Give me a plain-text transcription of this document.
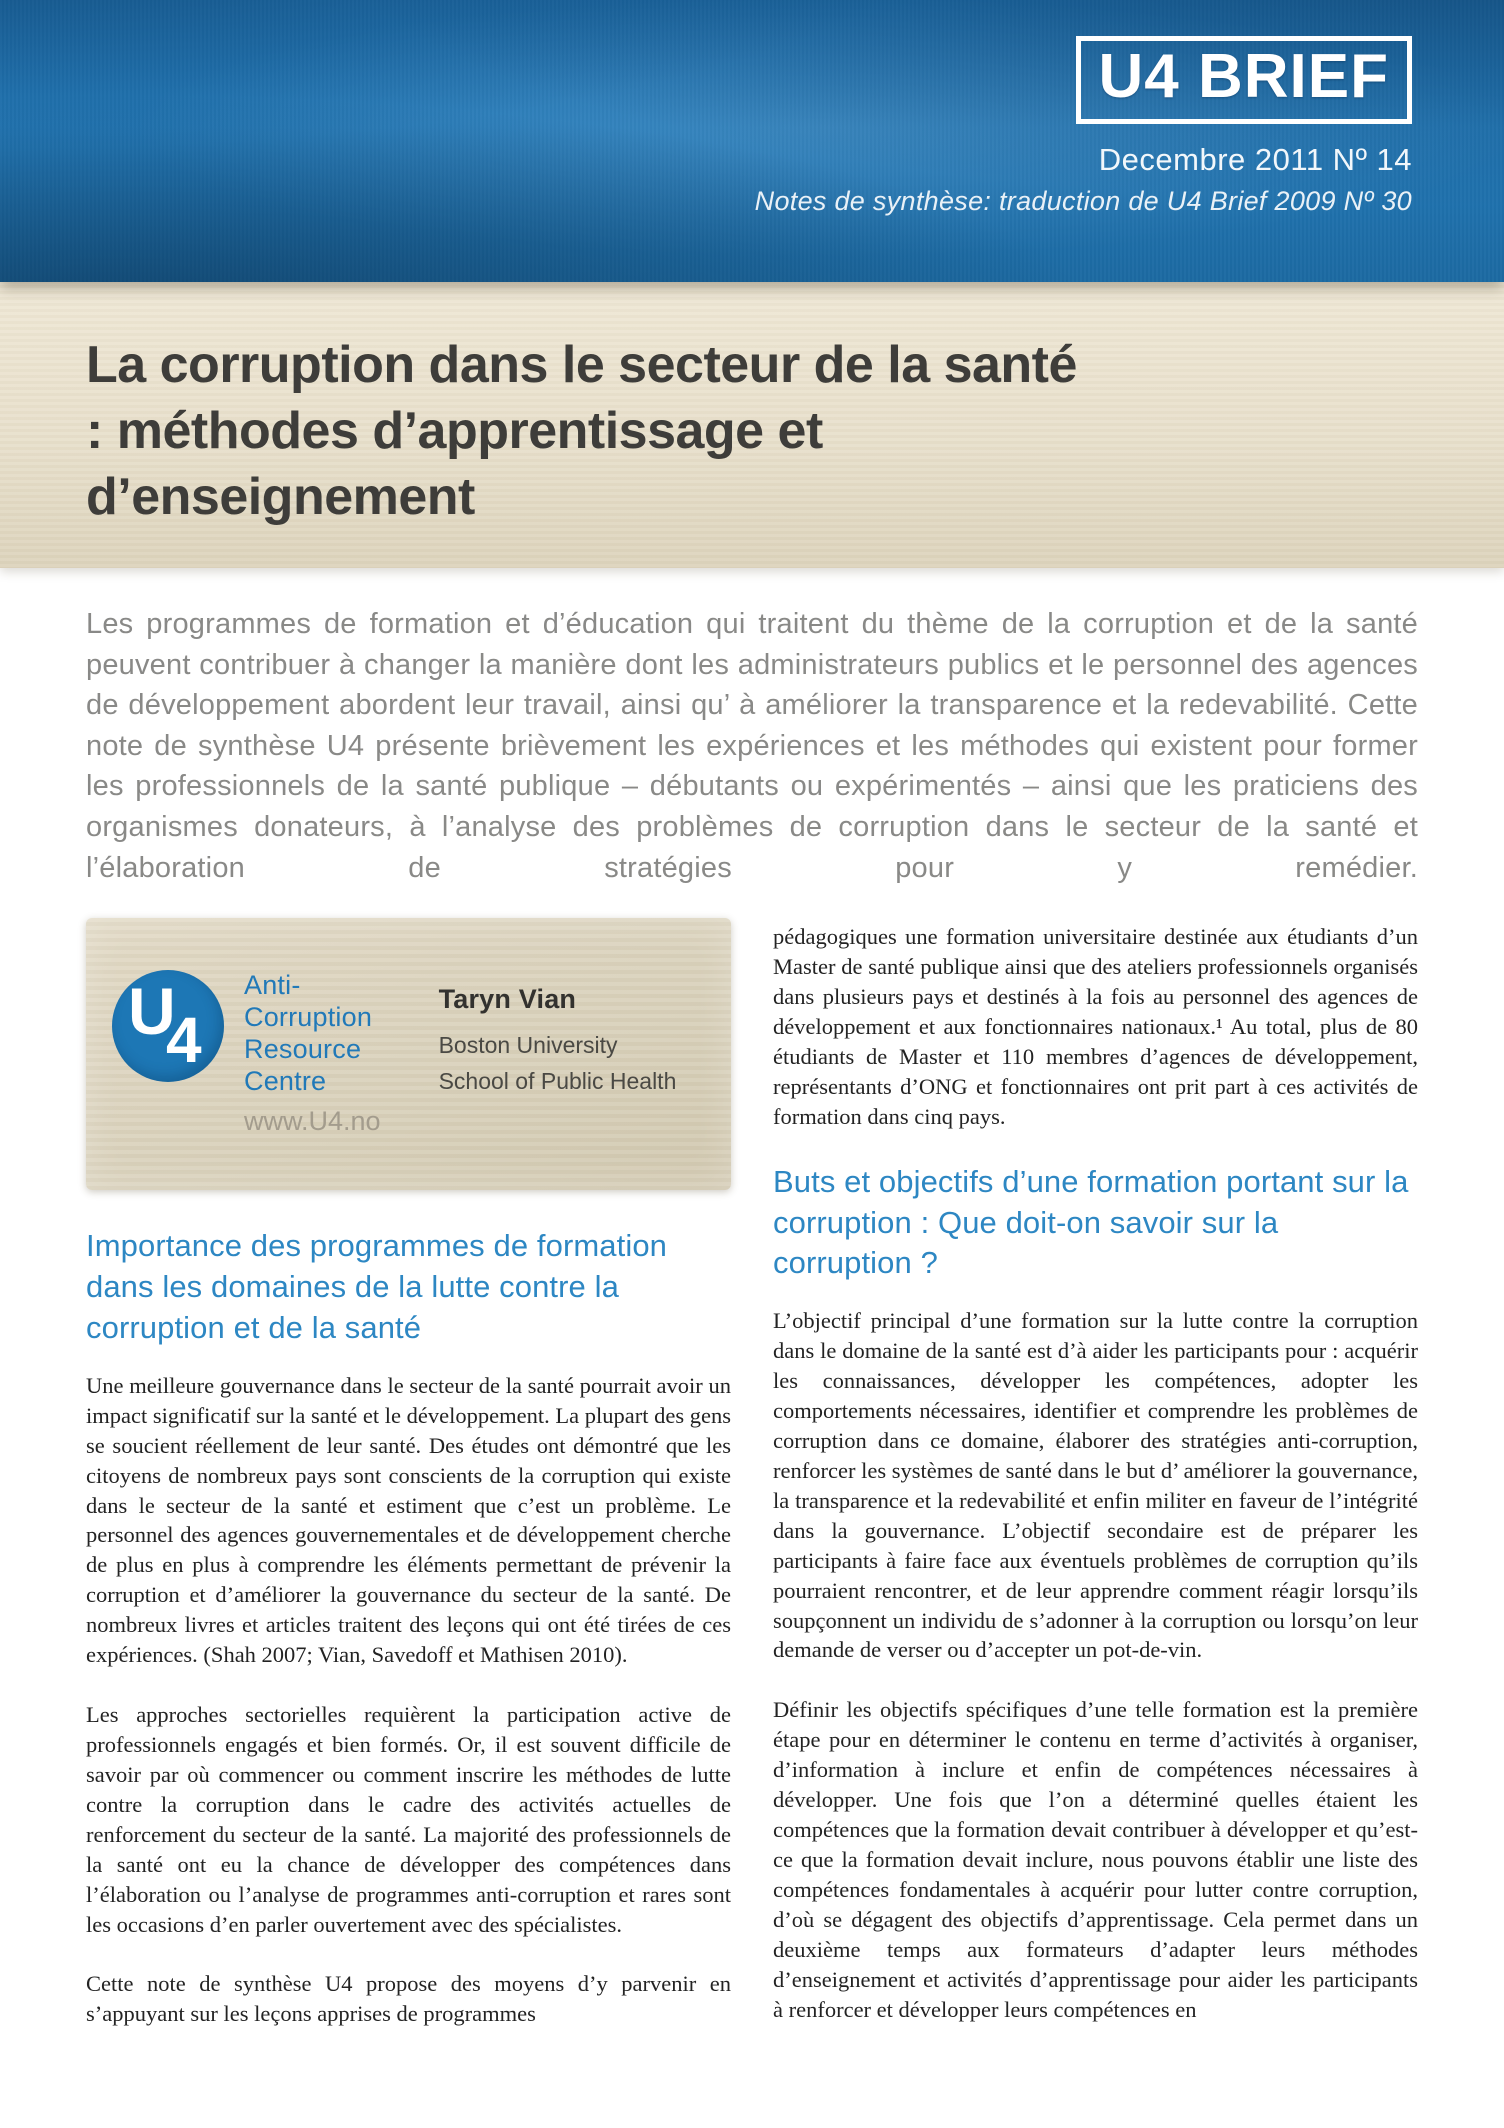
U4 BRIEF
Decembre 2011 Nº 14
Notes de synthèse: traduction de U4 Brief 2009 Nº 30
La corruption dans le secteur de la santé : méthodes d’apprentissage et d’enseignement

Les programmes de formation et d’éducation qui traitent du thème de la corruption et de la santé peuvent contribuer à changer la manière dont les administrateurs publics et le personnel des agences de développement abordent leur travail, ainsi qu’ à améliorer la transparence et la redevabilité. Cette note de synthèse U4 présente brièvement les expériences et les méthodes qui existent pour former les professionnels de la santé publique – débutants ou expérimentés – ainsi que les praticiens des organismes donateurs, à l’analyse des problèmes de corruption dans le secteur de la santé et l’élaboration de stratégies pour y remédier.

U
4
Anti-
Corruption
Resource
Centre
www.U4.no
Taryn Vian
Boston University
School of Public Health
Importance des programmes de formation dans les domaines de la lutte contre la corruption et de la santé

Une meilleure gouvernance dans le secteur de la santé pourrait avoir un impact significatif sur la santé et le développement. La plupart des gens se soucient réellement de leur santé. Des études ont démontré que les citoyens de nombreux pays sont conscients de la corruption qui existe dans le secteur de la santé et estiment que c’est un problème. Le personnel des agences gouvernementales et de développement cherche de plus en plus à comprendre les éléments permettant de prévenir la corruption et d’améliorer la gouvernance du secteur de la santé. De nombreux livres et articles traitent des leçons qui ont été tirées de ces expériences. (Shah 2007; Vian, Savedoff et Mathisen 2010).

Les approches sectorielles requièrent la participation active de professionnels engagés et bien formés. Or, il est souvent difficile de savoir par où commencer ou comment inscrire les méthodes de lutte contre la corruption dans le cadre des activités actuelles de renforcement du secteur de la santé. La majorité des professionnels de la santé ont eu la chance de développer des compétences dans l’élaboration ou l’analyse de programmes anti-corruption et rares sont les occasions d’en parler ouvertement avec des spécialistes.

Cette note de synthèse U4 propose des moyens d’y parvenir en s’appuyant sur les leçons apprises de programmes

pédagogiques une formation universitaire destinée aux étudiants d’un Master de santé publique ainsi que des ateliers professionnels organisés dans plusieurs pays et destinés à la fois au personnel des agences de développement et aux fonctionnaires nationaux.¹ Au total, plus de 80 étudiants de Master et 110 membres d’agences de développement, représentants d’ONG et fonctionnaires ont prit part à ces activités de formation dans cinq pays.

Buts et objectifs d’une formation portant sur la corruption : Que doit-on savoir sur la corruption ?

L’objectif principal d’une formation sur la lutte contre la corruption dans le domaine de la santé est d’à aider les participants pour : acquérir les connaissances, développer les compétences, adopter les comportements nécessaires, identifier et comprendre les problèmes de corruption dans ce domaine, élaborer des stratégies anti-corruption, renforcer les systèmes de santé dans le but d’ améliorer la gouvernance, la transparence et la redevabilité et enfin militer en faveur de l’intégrité dans la gouvernance. L’objectif secondaire est de préparer les participants à faire face aux éventuels problèmes de corruption qu’ils pourraient rencontrer, et de leur apprendre comment réagir lorsqu’ils soupçonnent un individu de s’adonner à la corruption ou lorsqu’on leur demande de verser ou d’accepter un pot-de-vin.

Définir les objectifs spécifiques d’une telle formation est la première étape pour en déterminer le contenu en terme d’activités à organiser, d’information à inclure et enfin de compétences nécessaires à développer. Une fois que l’on a déterminé quelles étaient les compétences que la formation devait contribuer à développer et qu’est-ce que la formation devait inclure, nous pouvons établir une liste des compétences fondamentales à acquérir pour lutter contre corruption, d’où se dégagent des objectifs d’apprentissage. Cela permet dans un deuxième temps aux formateurs d’adapter leurs méthodes d’enseignement et activités d’apprentissage pour aider les participants à renforcer et développer leurs compétences en
